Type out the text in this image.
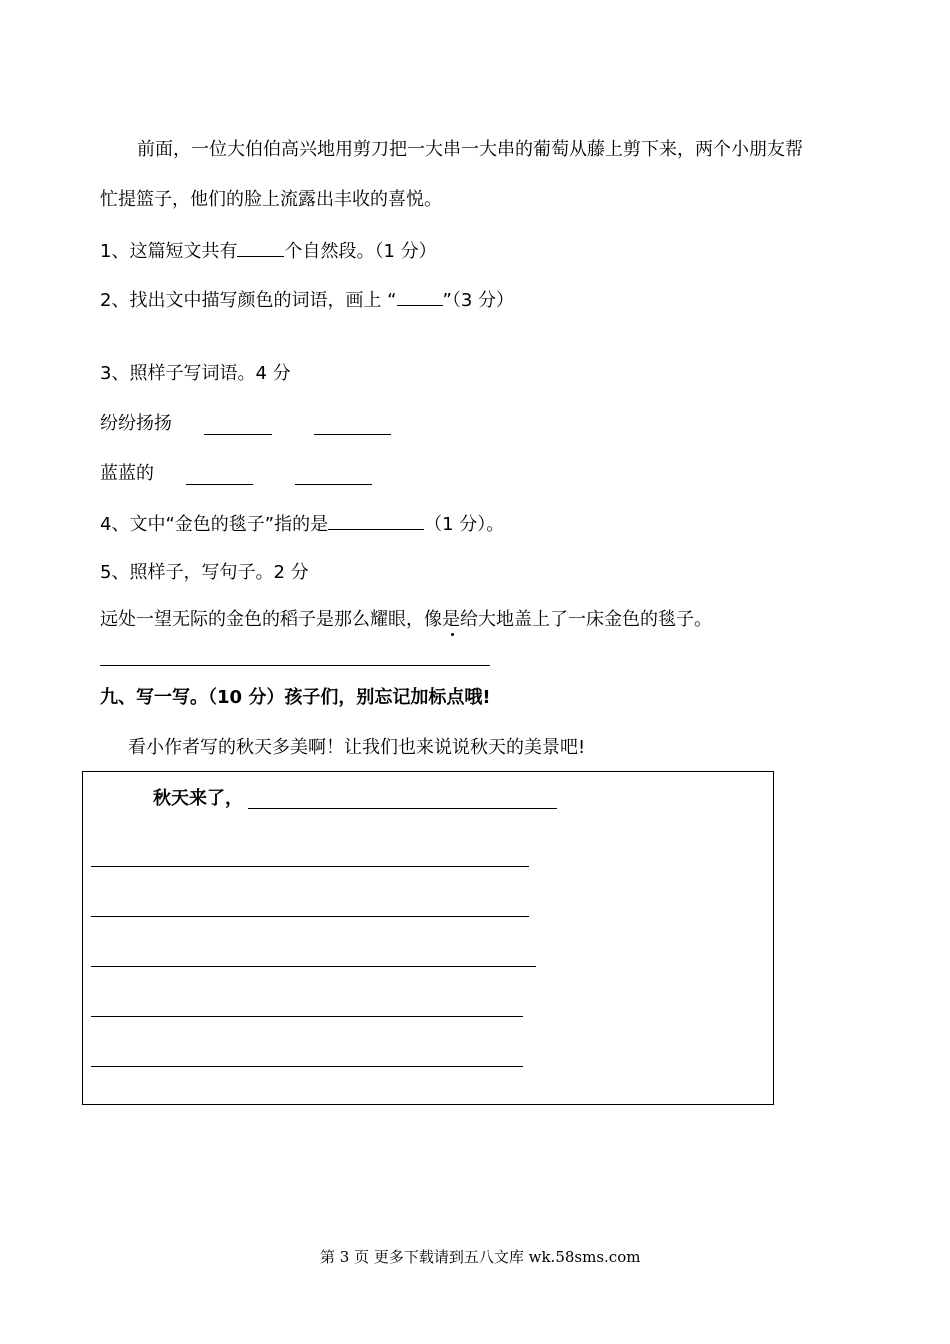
前面，一位大伯伯高兴地用剪刀把一大串一大串的葡萄从藤上剪下来，两个小朋友帮
忙提篮子，他们的脸上流露出丰收的喜悦。
1、这篇短文共有	个自然段。（1 分）
2、找出文中描写颜色的词语，画上 “	”（3 分）
3、照样子写词语。4 分
纷纷扬扬
蓝蓝的
4、文中“金色的毯子”指的是	（1 分）。
5、照样子，写句子。2 分
远处一望无际的金色的稻子是那么耀眼，像是给大地盖上了一床金色的毯子。
九、写一写。（10 分）孩子们，别忘记加标点哦!
看小作者写的秋天多美啊！让我们也来说说秋天的美景吧!
秋天来了，
第 3 页 更多下载请到五八文库 wk.58sms.com
